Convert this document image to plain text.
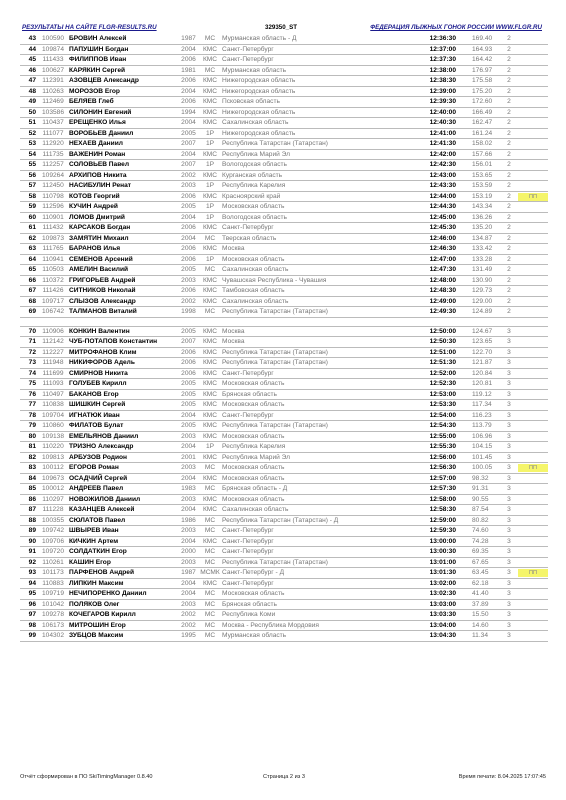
РЕЗУЛЬТАТЫ НА САЙТЕ FLGR-RESULTS.RU	329350_ST	ФЕДЕРАЦИЯ ЛЫЖНЫХ ГОНОК РОССИИ WWW.FLGR.RU
43	100590	БРОВИН Алексей	1987	МС	Мурманская область - Д	12:36:30	169.40	2	
44	109874	ПАПУШИН Богдан	2004	КМС	Санкт-Петербург	12:37:00	164.93	2	
45	111433	ФИЛИППОВ Иван	2006	КМС	Санкт-Петербург	12:37:30	164.42	2	
46	100627	КАРЯКИН Сергей	1981	МС	Мурманская область	12:38:00	176.97	2	
47	112391	АЗОВЦЕВ Александр	2006	КМС	Нижегородская область	12:38:30	175.58	2	
48	110263	МОРОЗОВ Егор	2004	КМС	Нижегородская область	12:39:00	175.20	2	
49	112469	БЕЛЯЕВ Глеб	2006	КМС	Псковская область	12:39:30	172.60	2	
50	103586	СИЛОНИН Евгений	1994	КМС	Нижегородская область	12:40:00	166.49	2	
51	110437	ЕРЕЩЕНКО Илья	2004	КМС	Сахалинская область	12:40:30	162.47	2	
52	111077	ВОРОБЬЕВ Даниил	2005	1Р	Нижегородская область	12:41:00	161.24	2	
53	112920	НЕХАЕВ Даниил	2007	1Р	Республика Татарстан (Татарстан)	12:41:30	158.02	2	
54	111735	ВАЖЕНИН Роман	2004	КМС	Республика Марий Эл	12:42:00	157.66	2	
55	112257	СОЛОВЬЕВ Павел	2007	1Р	Вологодская область	12:42:30	156.01	2	
56	109264	АРХИПОВ Никита	2002	КМС	Курганская область	12:43:00	153.65	2	
57	112450	НАСИБУЛИН Ренат	2003	1Р	Республика Карелия	12:43:30	153.59	2	
58	110798	КОТОВ Георгий	2006	КМС	Красноярский край	12:44:00	153.19	2	ПП
59	112596	КУЧИН Андрей	2005	1Р	Московская область	12:44:30	143.34	2	
60	110901	ЛОМОВ Дмитрий	2004	1Р	Вологодская область	12:45:00	136.26	2	
61	111432	КАРСАКОВ Богдан	2006	КМС	Санкт-Петербург	12:45:30	135.20	2	
62	109873	ЗАМЯТИН Михаил	2004	МС	Тверская область	12:46:00	134.87	2	
63	111765	БАРАНОВ Илья	2006	КМС	Москва	12:46:30	133.42	2	
64	110941	СЕМЕНОВ Арсений	2006	1Р	Московская область	12:47:00	133.28	2	
65	110503	АМЕЛИН Василий	2005	МС	Сахалинская область	12:47:30	131.49	2	
66	110372	ГРИГОРЬЕВ Андрей	2003	КМС	Чувашская Республика - Чувашия	12:48:00	130.90	2	
67	111426	СИТНИКОВ Николай	2006	КМС	Тамбовская область	12:48:30	129.73	2	
68	109717	СЛЫЗОВ Александр	2002	КМС	Сахалинская область	12:49:00	129.00	2	
69	106742	ТАЛМАНОВ Виталий	1998	МС	Республика Татарстан (Татарстан)	12:49:30	124.89	2	

70	110906	КОНКИН Валентин	2005	КМС	Москва	12:50:00	124.67	3	
71	112142	ЧУБ-ПОТАПОВ Константин	2007	КМС	Москва	12:50:30	123.65	3	
72	112227	МИТРОФАНОВ Клим	2006	КМС	Республика Татарстан (Татарстан)	12:51:00	122.70	3	
73	111948	НИКИФОРОВ Адель	2006	КМС	Республика Татарстан (Татарстан)	12:51:30	121.87	3	
74	111699	СМИРНОВ Никита	2006	КМС	Санкт-Петербург	12:52:00	120.84	3	
75	111093	ГОЛУБЕВ Кирилл	2005	КМС	Московская область	12:52:30	120.81	3	
76	110497	БАКАНОВ Егор	2005	КМС	Брянская область	12:53:00	119.12	3	
77	110838	ШИШКИН Сергей	2005	КМС	Московская область	12:53:30	117.34	3	
78	109704	ИГНАТЮК Иван	2004	КМС	Санкт-Петербург	12:54:00	116.23	3	
79	110860	ФИЛАТОВ Булат	2005	КМС	Республика Татарстан (Татарстан)	12:54:30	113.79	3	
80	109138	ЕМЕЛЬЯНОВ Даниил	2003	КМС	Московская область	12:55:00	106.96	3	
81	110220	ТРИЗНО Александр	2004	1Р	Республика Карелия	12:55:30	104.15	3	
82	109813	АРБУЗОВ Родион	2001	КМС	Республика Марий Эл	12:56:00	101.45	3	
83	100112	ЕГОРОВ Роман	2003	МС	Московская область	12:56:30	100.05	3	ПП
84	109673	ОСАДЧИЙ Сергей	2004	КМС	Московская область	12:57:00	98.32	3	
85	100012	АНДРЕЕВ Павел	1983	МС	Брянская область - Д	12:57:30	91.31	3	
86	110297	НОВОЖИЛОВ Даниил	2003	КМС	Московская область	12:58:00	90.55	3	
87	111228	КАЗАНЦЕВ Алексей	2004	КМС	Сахалинская область	12:58:30	87.54	3	
88	100355	СЮЛАТОВ Павел	1986	МС	Республика Татарстан (Татарстан) - Д	12:59:00	80.82	3	
89	109742	ШВЫРЕВ Иван	2003	МС	Санкт-Петербург	12:59:30	74.60	3	
90	109706	КИЧКИН Артем	2004	КМС	Санкт-Петербург	13:00:00	74.28	3	
91	109720	СОЛДАТКИН Егор	2000	МС	Санкт-Петербург	13:00:30	69.35	3	
92	110261	КАШИН Егор	2003	МС	Республика Татарстан (Татарстан)	13:01:00	67.65	3	
93	101173	ПАРФЕНОВ Андрей	1987	МСМК	Санкт-Петербург - Д	13:01:30	63.45	3	ПП
94	110883	ЛИПКИН Максим	2004	КМС	Санкт-Петербург	13:02:00	62.18	3	
95	109719	НЕЧИПОРЕНКО Даниил	2004	МС	Московская область	13:02:30	41.40	3	
96	101042	ПОЛЯКОВ Олег	2003	МС	Брянская область	13:03:00	37.89	3	
97	109278	КОЧЕГАРОВ Кирилл	2002	МС	Республика Коми	13:03:30	15.50	3	
98	106173	МИТРОШИН Егор	2002	МС	Москва - Республика Мордовия	13:04:00	14.60	3	
99	104302	ЗУБЦОВ Максим	1995	МС	Мурманская область	13:04:30	11.34	3	
Отчёт сформирован в ПО SkiTimingManager 0.8.40	Страница 2 из 3	Время печати: 8.04.2025 17:07:45
